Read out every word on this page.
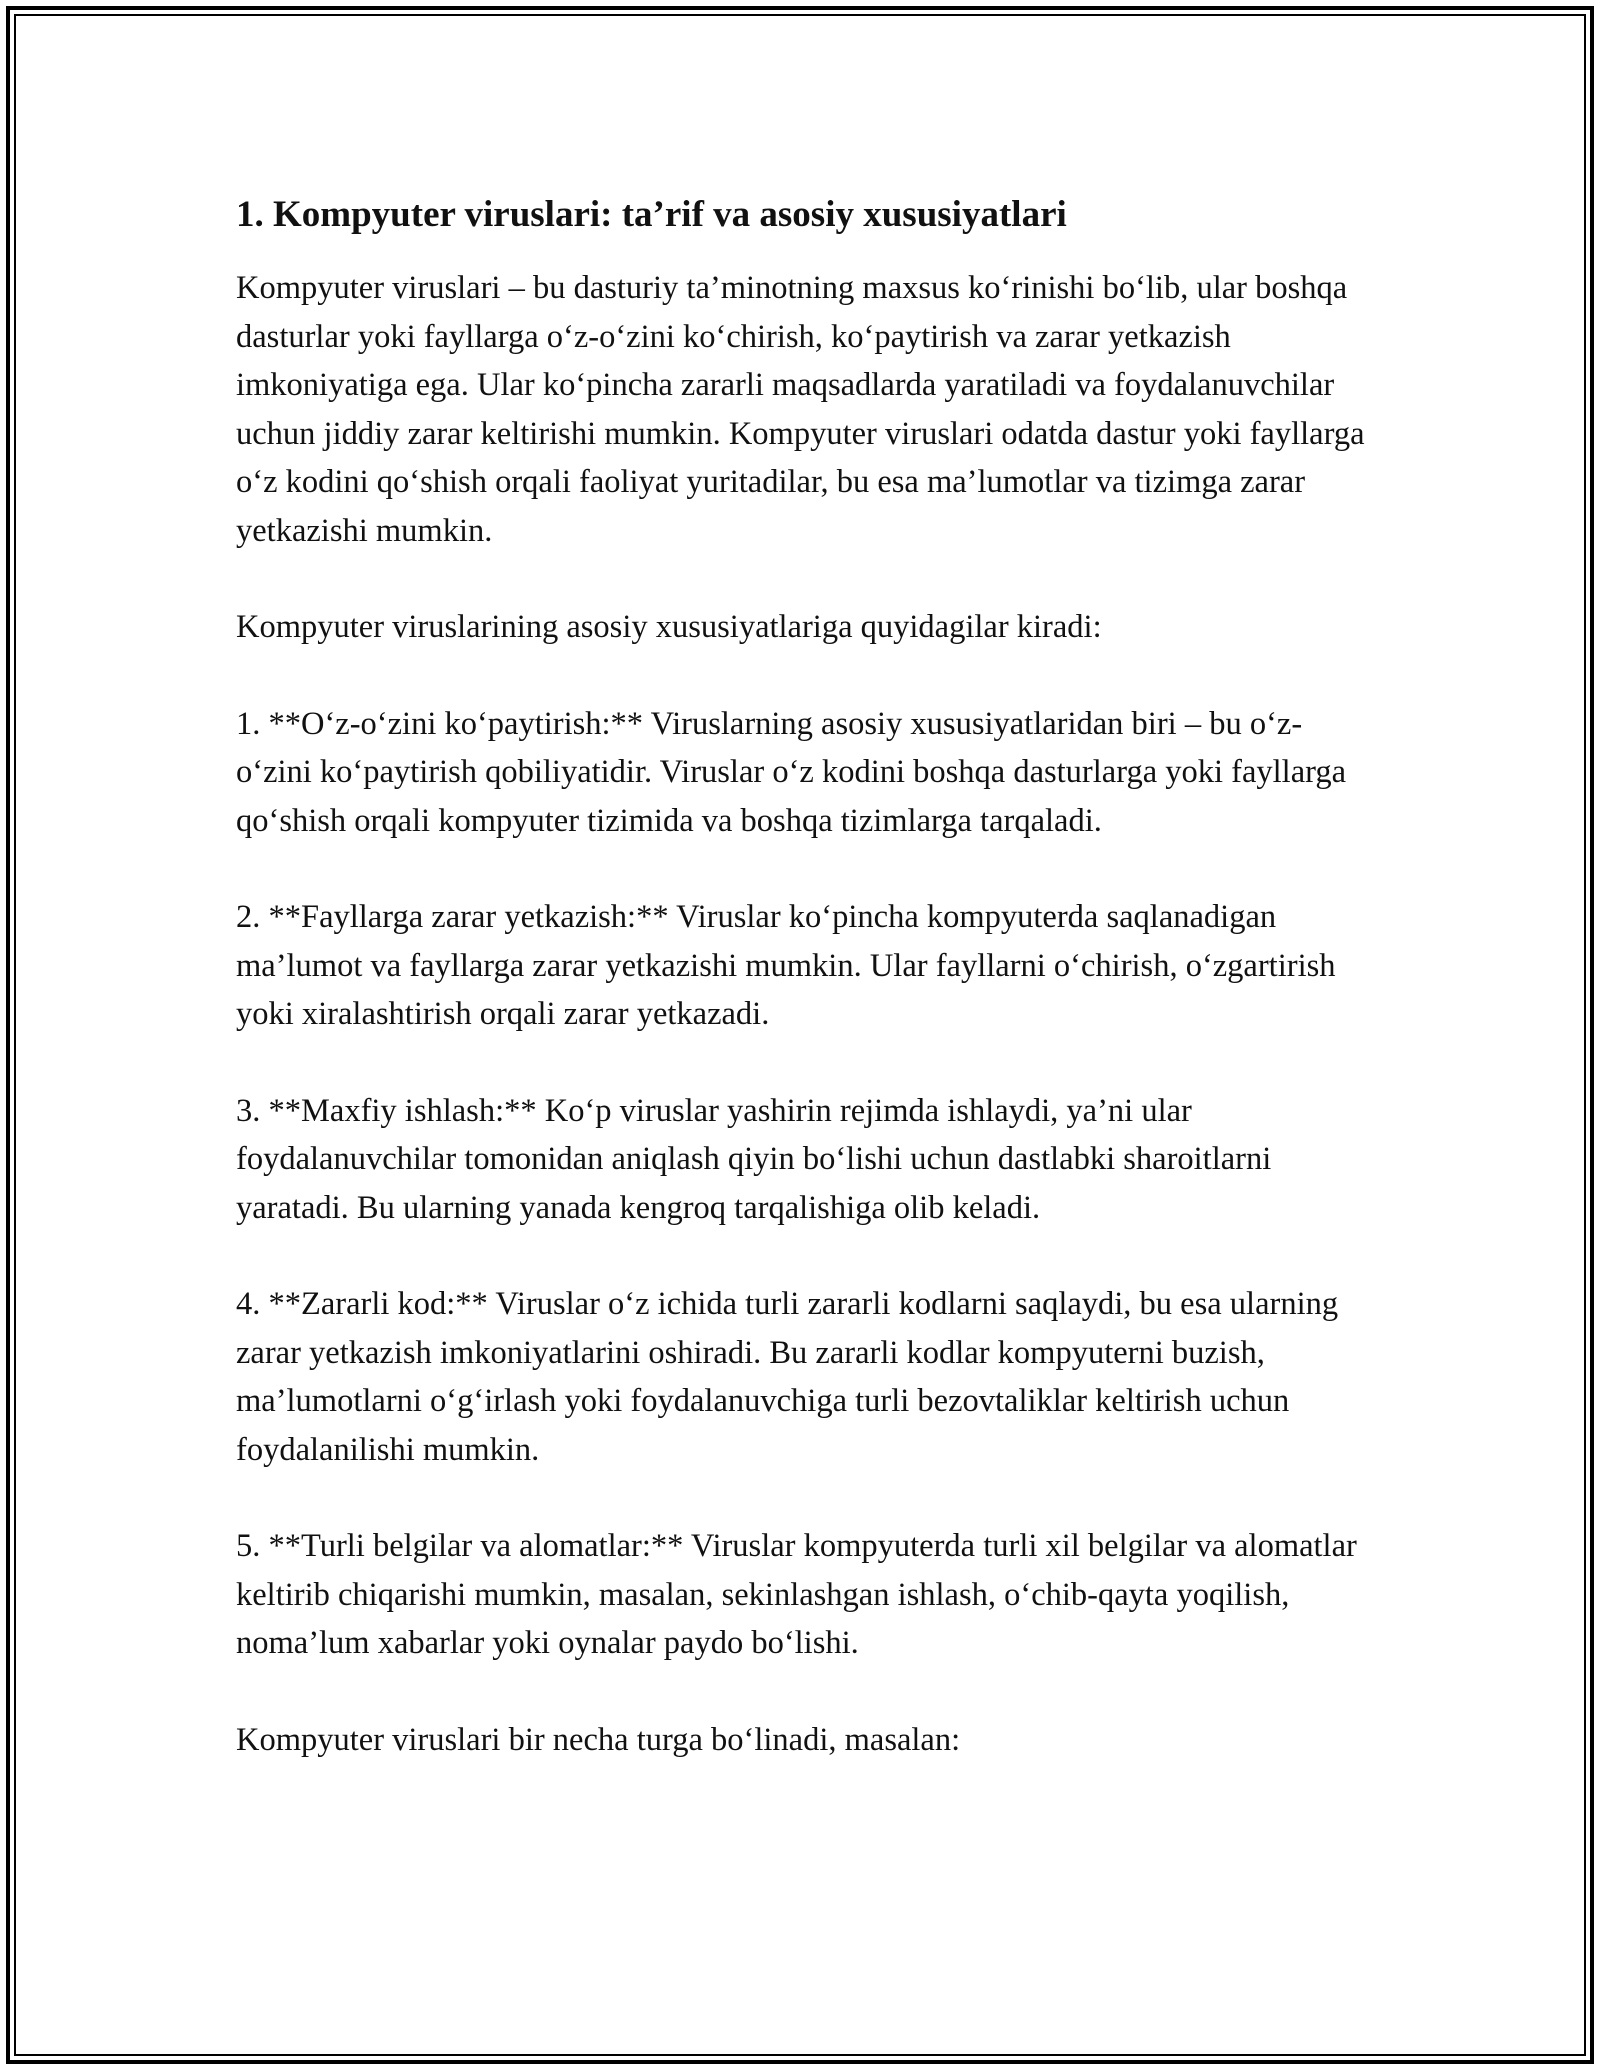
1. Kompyuter viruslari: ta’rif va asosiy xususiyatlari

Kompyuter viruslari – bu dasturiy ta’minotning maxsus ko‘rinishi bo‘lib, ular boshqa dasturlar yoki fayllarga o‘z-o‘zini ko‘chirish, ko‘paytirish va zarar yetkazish imkoniyatiga ega. Ular ko‘pincha zararli maqsadlarda yaratiladi va foydalanuvchilar uchun jiddiy zarar keltirishi mumkin. Kompyuter viruslari odatda dastur yoki fayllarga o‘z kodini qo‘shish orqali faoliyat yuritadilar, bu esa ma’lumotlar va tizimga zarar yetkazishi mumkin.

Kompyuter viruslarining asosiy xususiyatlariga quyidagilar kiradi:

1. **O‘z-o‘zini ko‘paytirish:** Viruslarning asosiy xususiyatlaridan biri – bu o‘z-o‘zini ko‘paytirish qobiliyatidir. Viruslar o‘z kodini boshqa dasturlarga yoki fayllarga qo‘shish orqali kompyuter tizimida va boshqa tizimlarga tarqaladi.

2. **Fayllarga zarar yetkazish:** Viruslar ko‘pincha kompyuterda saqlanadigan ma’lumot va fayllarga zarar yetkazishi mumkin. Ular fayllarni o‘chirish, o‘zgartirish yoki xiralashtirish orqali zarar yetkazadi.

3. **Maxfiy ishlash:** Ko‘p viruslar yashirin rejimda ishlaydi, ya’ni ular foydalanuvchilar tomonidan aniqlash qiyin bo‘lishi uchun dastlabki sharoitlarni yaratadi. Bu ularning yanada kengroq tarqalishiga olib keladi.

4. **Zararli kod:** Viruslar o‘z ichida turli zararli kodlarni saqlaydi, bu esa ularning zarar yetkazish imkoniyatlarini oshiradi. Bu zararli kodlar kompyuterni buzish, ma’lumotlarni o‘g‘irlash yoki foydalanuvchiga turli bezovtaliklar keltirish uchun foydalanilishi mumkin.

5. **Turli belgilar va alomatlar:** Viruslar kompyuterda turli xil belgilar va alomatlar keltirib chiqarishi mumkin, masalan, sekinlashgan ishlash, o‘chib-qayta yoqilish, noma’lum xabarlar yoki oynalar paydo bo‘lishi.

Kompyuter viruslari bir necha turga bo‘linadi, masalan:
